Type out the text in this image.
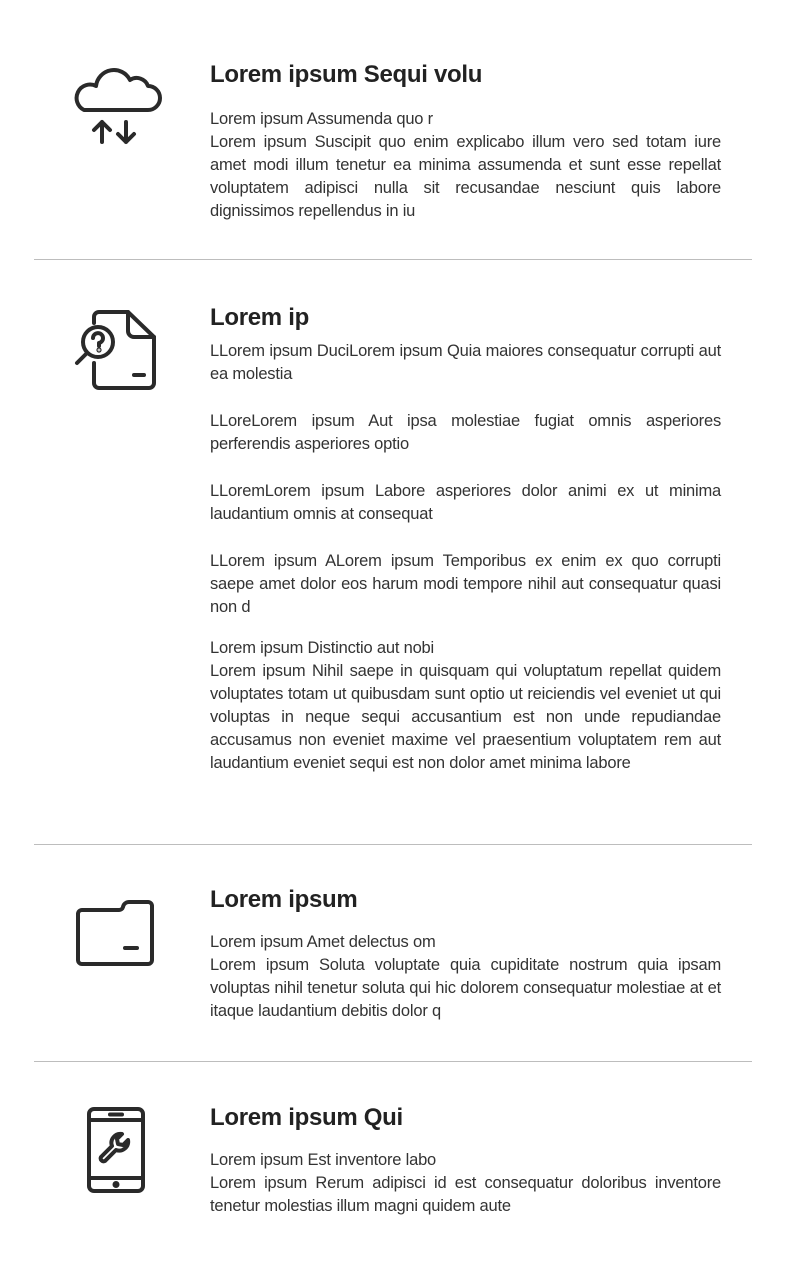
Lorem ipsum Sequi volu
Lorem ipsum Assumenda quo r
Lorem ipsum Suscipit quo enim explicabo illum vero sed totam iure amet modi illum tenetur ea minima assumenda et sunt esse repellat voluptatem adipisci nulla sit recusandae nesciunt quis labore dignissimos repellendus in iu
Lorem ip
LLorem ipsum DuciLorem ipsum Quia maiores consequatur corrupti aut ea molestia
LLoreLorem ipsum Aut ipsa molestiae fugiat omnis asperiores perferendis asperiores optio
LLoremLorem ipsum Labore asperiores dolor animi ex ut minima laudantium omnis at consequat
LLorem ipsum ALorem ipsum Temporibus ex enim ex quo corrupti saepe amet dolor eos harum modi tempore nihil aut consequatur quasi non d
Lorem ipsum Distinctio aut nobi
Lorem ipsum Nihil saepe in quisquam qui voluptatum repellat quidem voluptates totam ut quibusdam sunt optio ut reiciendis vel eveniet ut qui voluptas in neque sequi accusantium est non unde repudiandae accusamus non eveniet maxime vel praesentium voluptatem rem aut laudantium eveniet sequi est non dolor amet minima labore
Lorem ipsum
Lorem ipsum Amet delectus om
Lorem ipsum Soluta voluptate quia cupiditate nostrum quia ipsam voluptas nihil tenetur soluta qui hic dolorem consequatur molestiae at et itaque laudantium debitis dolor q
Lorem ipsum Qui
Lorem ipsum Est inventore labo
Lorem ipsum Rerum adipisci id est consequatur doloribus inventore tenetur molestias illum magni quidem aute
